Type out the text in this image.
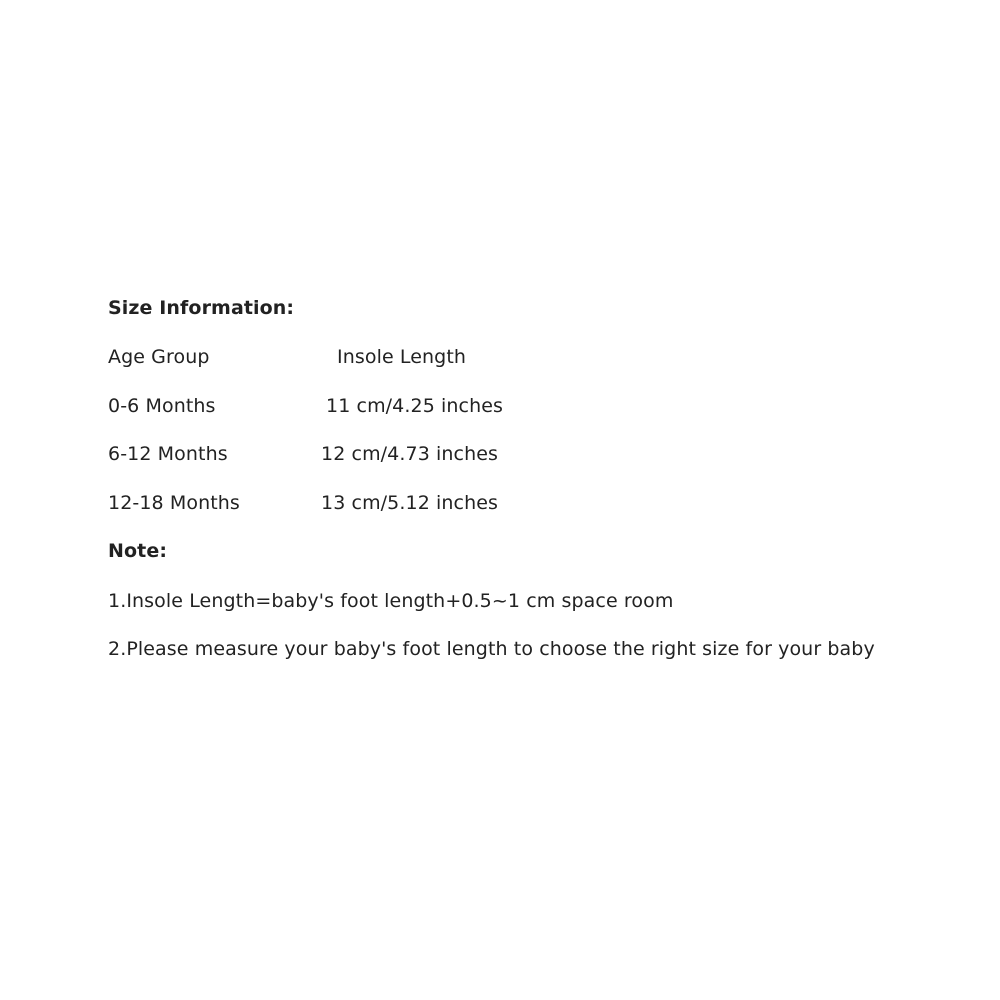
Size Information:
Age Group	Insole Length
0-6 Months	11 cm/4.25 inches
6-12 Months	12 cm/4.73 inches
12-18 Months	13 cm/5.12 inches
Note:
1.Insole Length=baby's foot length+0.5~1 cm space room
2.Please measure your baby's foot length to choose the right size for your baby
